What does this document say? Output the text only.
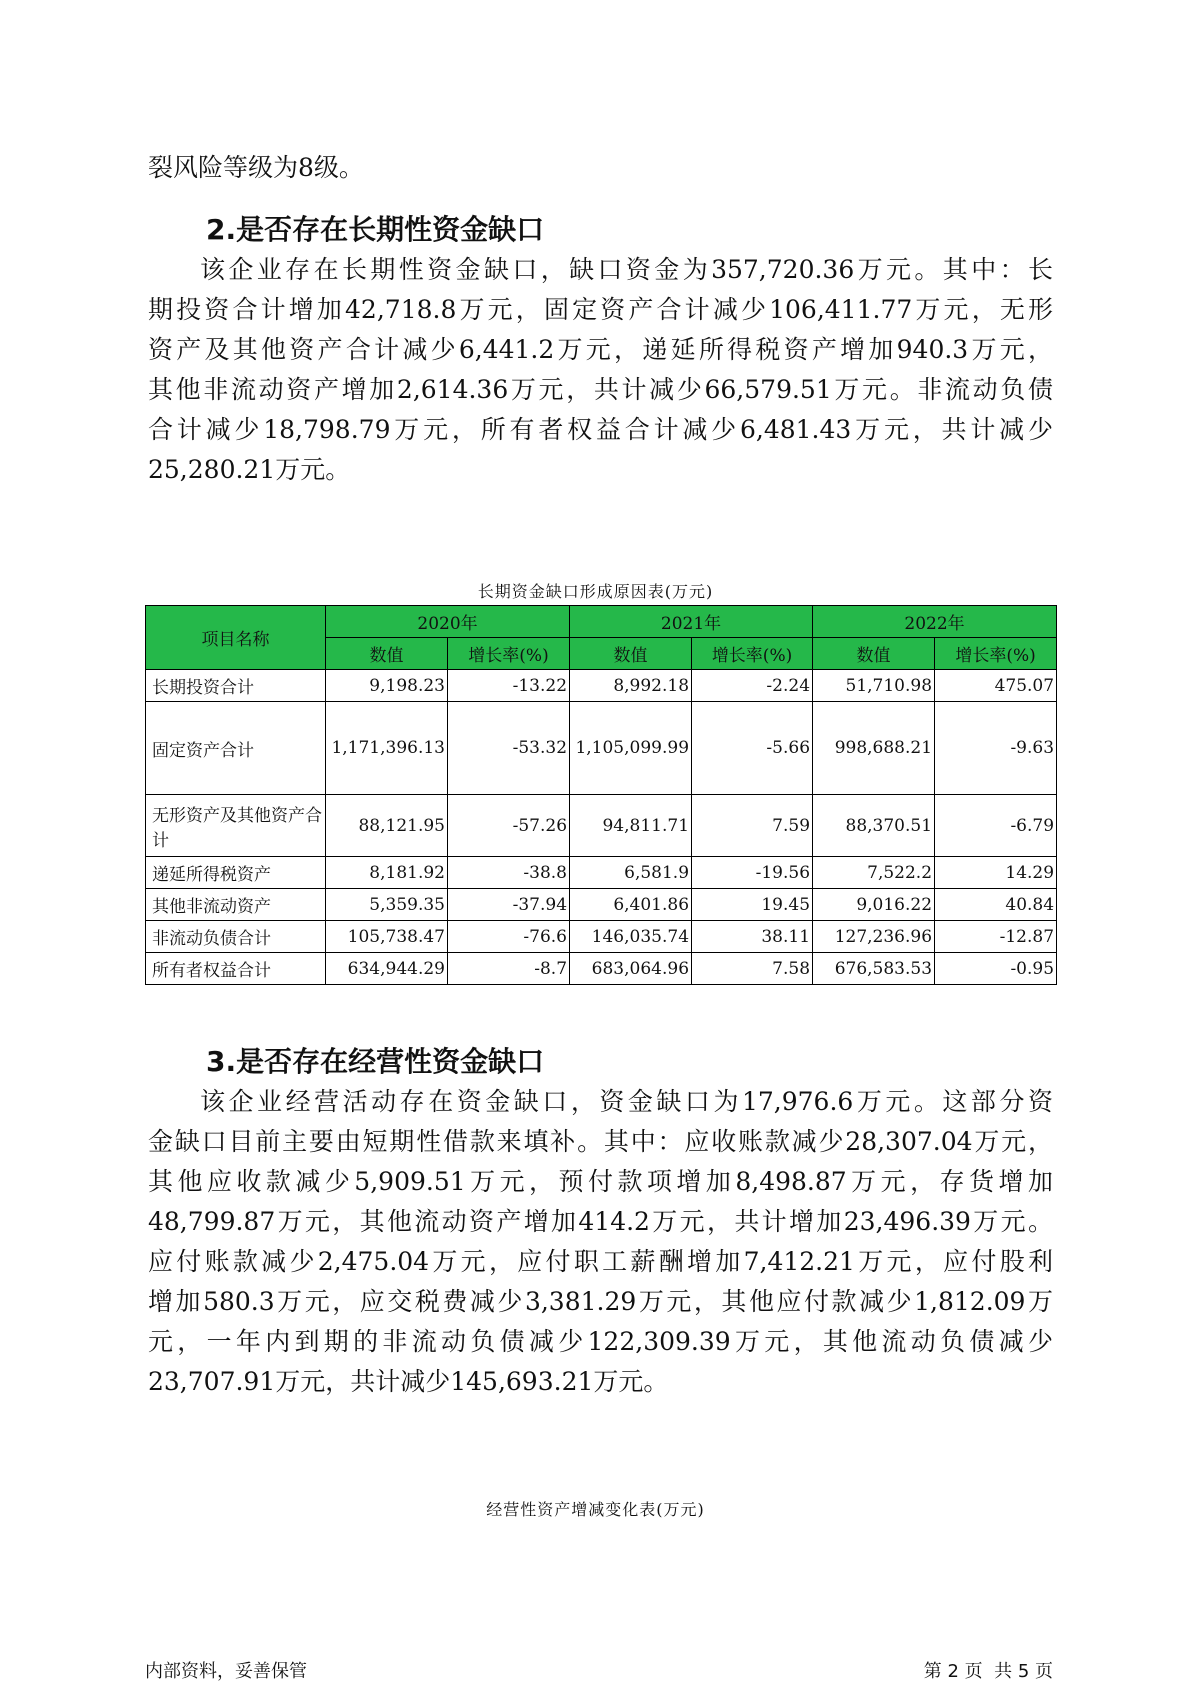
裂风险等级为8级。

2.是否存在长期性资金缺口

该企业存在长期性资金缺口，缺口资金为357,720.36万元。其中：长
期投资合计增加42,718.8万元，固定资产合计减少106,411.77万元，无形
资产及其他资产合计减少6,441.2万元，递延所得税资产增加940.3万元，
其他非流动资产增加2,614.36万元，共计减少66,579.51万元。非流动负债
合计减少18,798.79万元，所有者权益合计减少6,481.43万元，共计减少
25,280.21万元。

长期资金缺口形成原因表(万元)

项目名称	2020年		2021年		2022年	
	数值	增长率(%)	数值	增长率(%)	数值	增长率(%)
长期投资合计	9,198.23	-13.22	8,992.18	-2.24	51,710.98	475.07
固定资产合计	1,171,396.13	-53.32	1,105,099.99	-5.66	998,688.21	-9.63
无形资产及其他资产合计	88,121.95	-57.26	94,811.71	7.59	88,370.51	-6.79
递延所得税资产	8,181.92	-38.8	6,581.9	-19.56	7,522.2	14.29
其他非流动资产	5,359.35	-37.94	6,401.86	19.45	9,016.22	40.84
非流动负债合计	105,738.47	-76.6	146,035.74	38.11	127,236.96	-12.87
所有者权益合计	634,944.29	-8.7	683,064.96	7.58	676,583.53	-0.95
3.是否存在经营性资金缺口

该企业经营活动存在资金缺口，资金缺口为17,976.6万元。这部分资
金缺口目前主要由短期性借款来填补。其中：应收账款减少28,307.04万元，
其他应收款减少5,909.51万元，预付款项增加8,498.87万元，存货增加
48,799.87万元，其他流动资产增加414.2万元，共计增加23,496.39万元。
应付账款减少2,475.04万元，应付职工薪酬增加7,412.21万元，应付股利
增加580.3万元，应交税费减少3,381.29万元，其他应付款减少1,812.09万
元，一年内到期的非流动负债减少122,309.39万元，其他流动负债减少
23,707.91万元，共计减少145,693.21万元。

经营性资产增减变化表(万元)

内部资料，妥善保管	第 2 页  共 5 页
